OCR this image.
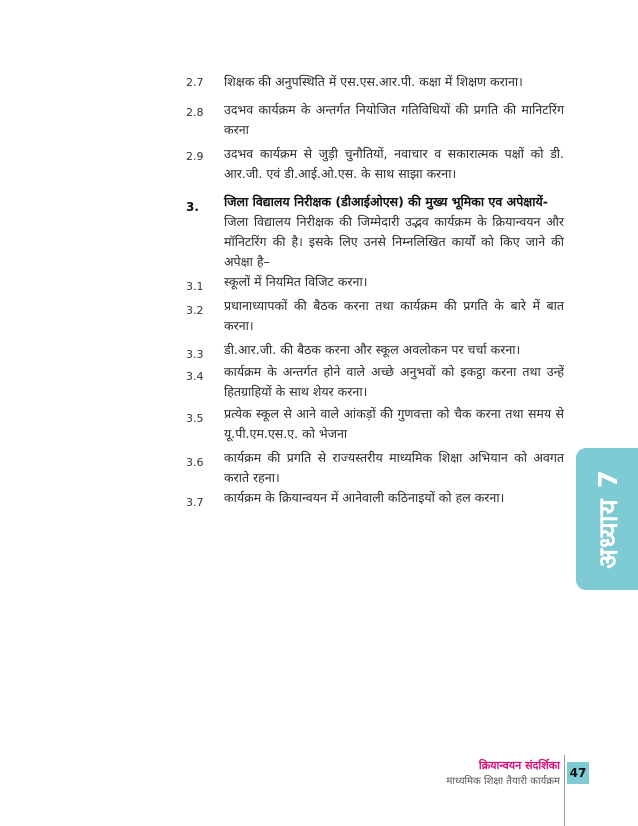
2.7 शिक्षक की अनुपस्थिति में एस.एस.आर.पी. कक्षा में शिक्षण कराना।
2.8 उदभव कार्यक्रम के अन्तर्गत नियोजित गतिविधियों की प्रगति की मानिटरिंग करना
2.9 उदभव कार्यक्रम से जुड़ी चुनौतियों, नवाचार व सकारात्मक पक्षों को डी. आर.जी. एवं डी.आई.ओ.एस. के साथ साझा करना।
3. जिला विद्यालय निरीक्षक (डीआईओएस) की मुख्य भूमिका एव अपेक्षायें-
जिला विद्यालय निरीक्षक की जिम्मेदारी उद्भव कार्यक्रम के क्रियान्वयन और मॉनिटरिंग की है। इसके लिए उनसे निम्नलिखित कार्यों को किए जाने की अपेक्षा है–
3.1 स्कूलों में नियमित विजिट करना।
3.2 प्रधानाध्यापकों की बैठक करना तथा कार्यक्रम की प्रगति के बारे में बात करना।
3.3 डी.आर.जी. की बैठक करना और स्कूल अवलोकन पर चर्चा करना।
3.4 कार्यक्रम के अन्तर्गत होने वाले अच्छे अनुभवों को इकट्ठा करना तथा उन्हें हितग्राहियों के साथ शेयर करना।
3.5 प्रत्येक स्कूल से आने वाले आंकड़ों की गुणवत्ता को चैक करना तथा समय से यू.पी.एम.एस.ए. को भेजना
3.6 कार्यक्रम की प्रगति से राज्यस्तरीय माध्यमिक शिक्षा अभियान को अवगत कराते रहना।
3.7 कार्यक्रम के क्रियान्वयन में आनेवाली कठिनाइयों को हल करना।	अध्याय 7
क्रियान्वयन संदर्शिका
माध्यमिक शिक्षा तैयारी कार्यक्रम
47
